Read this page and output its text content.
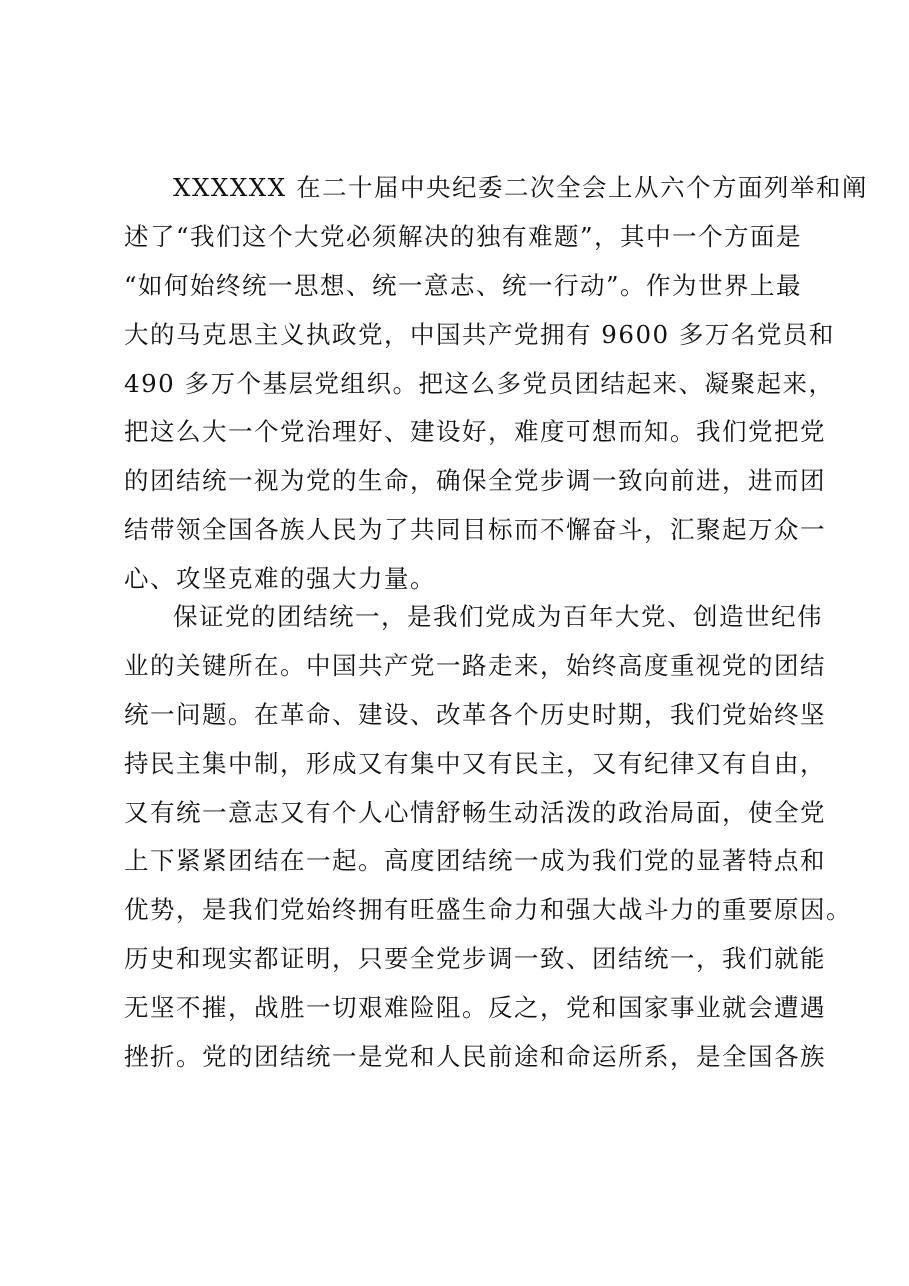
XXXXXX 在二十届中央纪委二次全会上从六个方面列举和阐
述了“我们这个大党必须解决的独有难题”，其中一个方面是
“如何始终统一思想、统一意志、统一行动”。作为世界上最
大的马克思主义执政党，中国共产党拥有 9600 多万名党员和
490 多万个基层党组织。把这么多党员团结起来、凝聚起来，
把这么大一个党治理好、建设好，难度可想而知。我们党把党
的团结统一视为党的生命，确保全党步调一致向前进，进而团
结带领全国各族人民为了共同目标而不懈奋斗，汇聚起万众一
心、攻坚克难的强大力量。
保证党的团结统一，是我们党成为百年大党、创造世纪伟
业的关键所在。中国共产党一路走来，始终高度重视党的团结
统一问题。在革命、建设、改革各个历史时期，我们党始终坚
持民主集中制，形成又有集中又有民主，又有纪律又有自由，
又有统一意志又有个人心情舒畅生动活泼的政治局面，使全党
上下紧紧团结在一起。高度团结统一成为我们党的显著特点和
优势，是我们党始终拥有旺盛生命力和强大战斗力的重要原因。
历史和现实都证明，只要全党步调一致、团结统一，我们就能
无坚不摧，战胜一切艰难险阻。反之，党和国家事业就会遭遇
挫折。党的团结统一是党和人民前途和命运所系，是全国各族
